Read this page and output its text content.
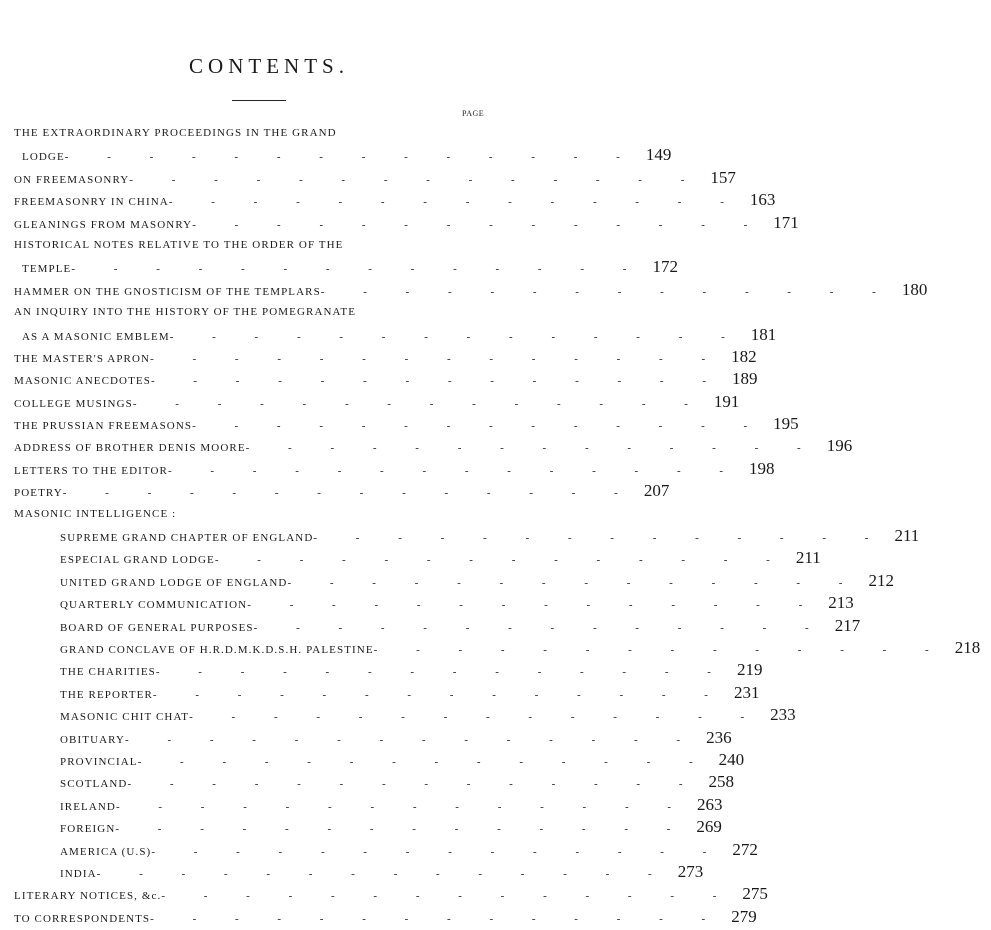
CONTENTS.
PAGE
THE EXTRAORDINARY PROCEEDINGS IN THE GRAND
LODGE - - - - - - - - - - - - - - 149
ON FREEMASONRY - - - - - - - - - - - - - - 157
FREEMASONRY IN CHINA - - - - - - - - - - - - - - 163
GLEANINGS FROM MASONRY - - - - - - - - - - - - - - 171
HISTORICAL NOTES RELATIVE TO THE ORDER OF THE
TEMPLE - - - - - - - - - - - - - - 172
HAMMER ON THE GNOSTICISM OF THE TEMPLARS - - - - - - - - - - - - - - 180
AN INQUIRY INTO THE HISTORY OF THE POMEGRANATE
AS A MASONIC EMBLEM - - - - - - - - - - - - - - 181
THE MASTER'S APRON - - - - - - - - - - - - - - 182
MASONIC ANECDOTES - - - - - - - - - - - - - - 189
COLLEGE MUSINGS - - - - - - - - - - - - - - 191
THE PRUSSIAN FREEMASONS - - - - - - - - - - - - - - 195
ADDRESS OF BROTHER DENIS MOORE - - - - - - - - - - - - - - 196
LETTERS TO THE EDITOR - - - - - - - - - - - - - - 198
POETRY - - - - - - - - - - - - - - 207
MASONIC INTELLIGENCE :
SUPREME GRAND CHAPTER OF ENGLAND - - - - - - - - - - - - - - 211
ESPECIAL GRAND LODGE - - - - - - - - - - - - - - 211
UNITED GRAND LODGE OF ENGLAND - - - - - - - - - - - - - - 212
QUARTERLY COMMUNICATION - - - - - - - - - - - - - - 213
BOARD OF GENERAL PURPOSES - - - - - - - - - - - - - - 217
GRAND CONCLAVE OF H.R.D.M.K.D.S.H. PALESTINE - - - - - - - - - - - - - - 218
THE CHARITIES - - - - - - - - - - - - - - 219
THE REPORTER - - - - - - - - - - - - - - 231
MASONIC CHIT CHAT - - - - - - - - - - - - - - 233
OBITUARY - - - - - - - - - - - - - - 236
PROVINCIAL - - - - - - - - - - - - - - 240
SCOTLAND - - - - - - - - - - - - - - 258
IRELAND - - - - - - - - - - - - - - 263
FOREIGN - - - - - - - - - - - - - - 269
AMERICA (U.S) - - - - - - - - - - - - - - 272
INDIA - - - - - - - - - - - - - - 273
LITERARY NOTICES, &c. - - - - - - - - - - - - - - 275
TO CORRESPONDENTS - - - - - - - - - - - - - - 279
